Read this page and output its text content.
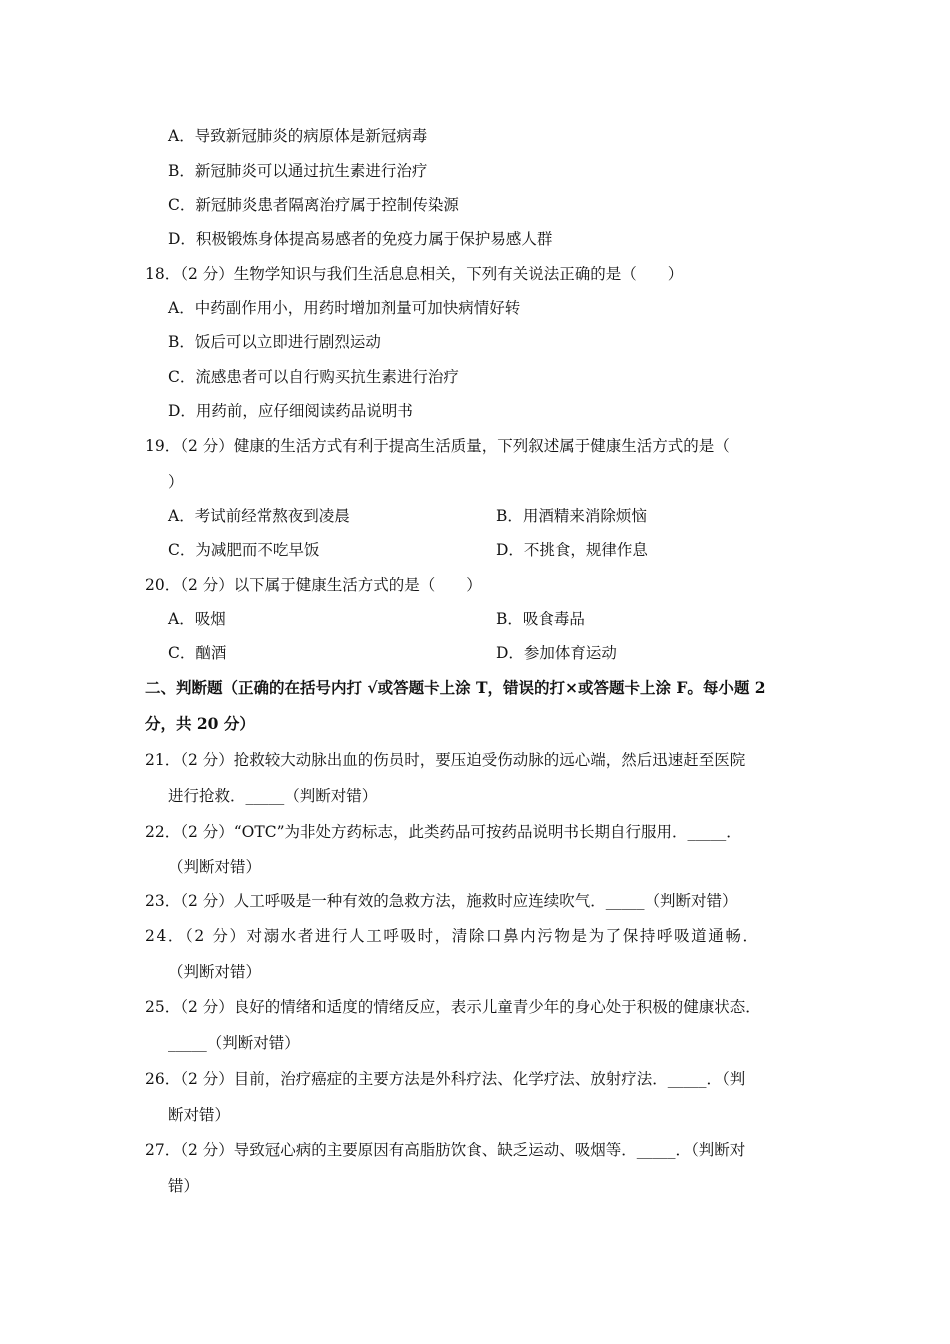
A．导致新冠肺炎的病原体是新冠病毒
B．新冠肺炎可以通过抗生素进行治疗
C．新冠肺炎患者隔离治疗属于控制传染源
D．积极锻炼身体提高易感者的免疫力属于保护易感人群
18．（2 分）生物学知识与我们生活息息相关，下列有关说法正确的是（　　）
A．中药副作用小，用药时增加剂量可加快病情好转
B．饭后可以立即进行剧烈运动
C．流感患者可以自行购买抗生素进行治疗
D．用药前，应仔细阅读药品说明书
19．（2 分）健康的生活方式有利于提高生活质量，下列叙述属于健康生活方式的是（
）
A．考试前经常熬夜到凌晨	B．用酒精来消除烦恼
C．为减肥而不吃早饭	D．不挑食，规律作息
20．（2 分）以下属于健康生活方式的是（　　）
A．吸烟	B．吸食毒品
C．酗酒	D．参加体育运动
二、判断题（正确的在括号内打 √或答题卡上涂 T，错误的打×或答题卡上涂 F。每小题 2
分，共 20 分）
21．（2 分）抢救较大动脉出血的伤员时，要压迫受伤动脉的远心端，然后迅速赶至医院
进行抢救．_____（判断对错）
22．（2 分）“OTC”为非处方药标志，此类药品可按药品说明书长期自行服用．_____．
（判断对错）
23．（2 分）人工呼吸是一种有效的急救方法，施救时应连续吹气．_____（判断对错）
24．（2 分）对溺水者进行人工呼吸时，清除口鼻内污物是为了保持呼吸道通畅．
（判断对错）
25．（2 分）良好的情绪和适度的情绪反应，表示儿童青少年的身心处于积极的健康状态．
_____（判断对错）
26．（2 分）目前，治疗癌症的主要方法是外科疗法、化学疗法、放射疗法．_____．（判
断对错）
27．（2 分）导致冠心病的主要原因有高脂肪饮食、缺乏运动、吸烟等．_____．（判断对
错）
